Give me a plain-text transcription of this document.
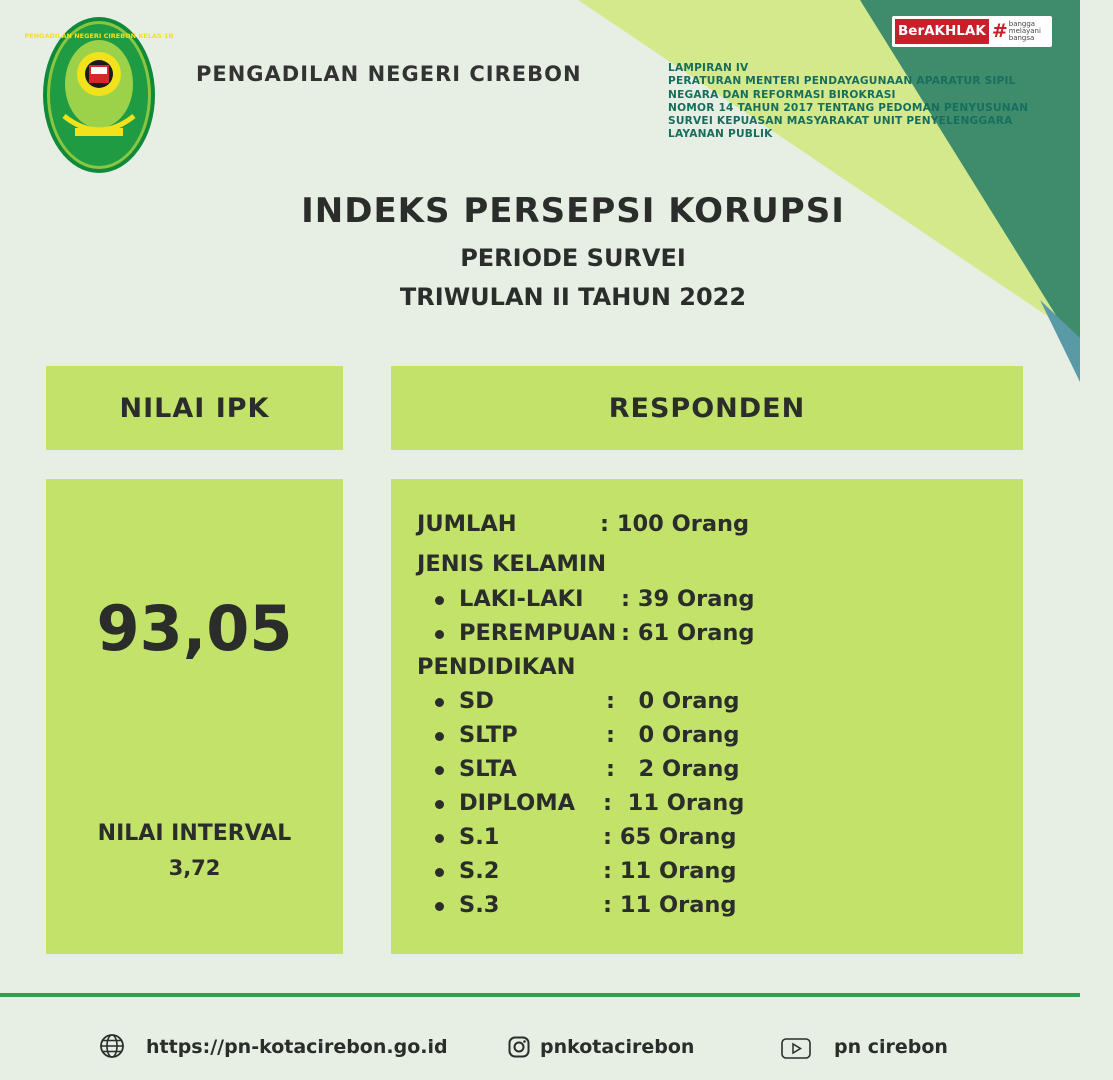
PENGADILAN NEGERI CIREBON KELAS 1B
PENGADILAN NEGERI CIREBON
BerAKHLAK # bangga
melayani
bangsa
LAMPIRAN IV
PERATURAN MENTERI PENDAYAGUNAAN APARATUR SIPIL
NEGARA DAN REFORMASI BIROKRASI
NOMOR 14 TAHUN 2017 TENTANG PEDOMAN PENYUSUNAN
SURVEI KEPUASAN MASYARAKAT UNIT PENYELENGGARA
LAYANAN PUBLIK
INDEKS PERSEPSI KORUPSI
PERIODE SURVEI
TRIWULAN II TAHUN 2022
NILAI IPK	RESPONDEN
93,05
NILAI INTERVAL
3,72
JUMLAH	: 100 Orang
JENIS KELAMIN
LAKI-LAKI : 39 Orang
PEREMPUAN : 61 Orang
PENDIDIKAN
SD	:   0 Orang
SLTP	:   0 Orang
SLTA	:   2 Orang
DIPLOMA :  11 Orang
S.1	: 65 Orang
S.2	: 11 Orang
S.3	: 11 Orang
https://pn-kotacirebon.go.id	pnkotacirebon	pn cirebon
